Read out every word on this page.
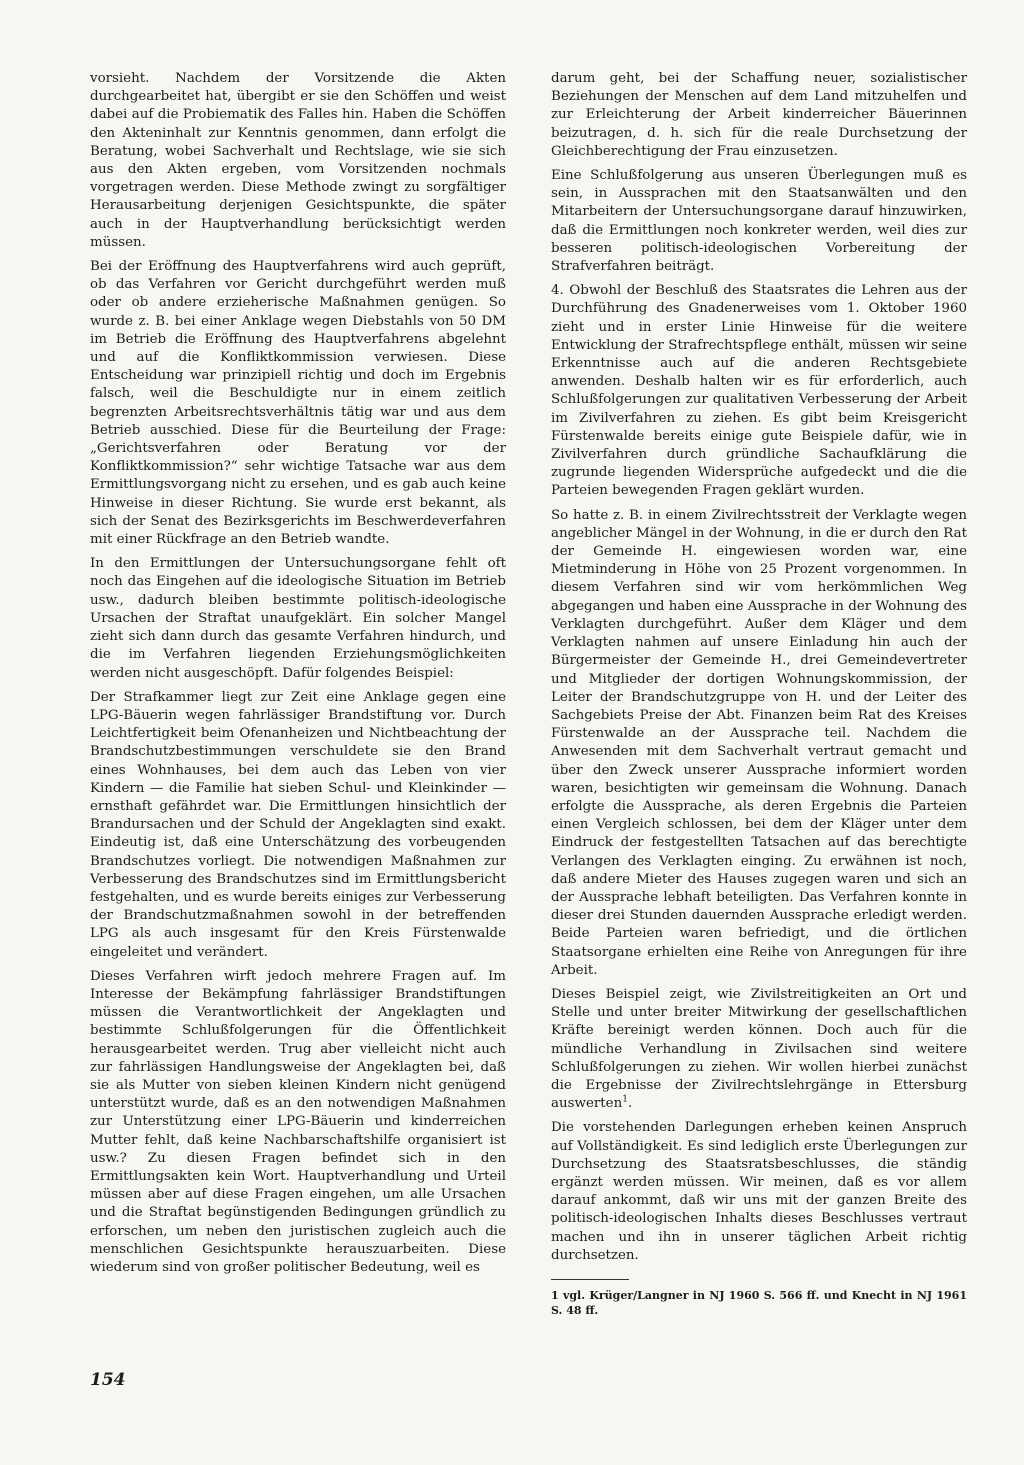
vorsieht. Nachdem der Vorsitzende die Akten durchgearbeitet hat, übergibt er sie den Schöffen und weist dabei auf die Probiematik des Falles hin. Haben die Schöffen den Akteninhalt zur Kenntnis genommen, dann erfolgt die Beratung, wobei Sachverhalt und Rechtslage, wie sie sich aus den Akten ergeben, vom Vorsitzenden nochmals vorgetragen werden. Diese Methode zwingt zu sorgfältiger Herausarbeitung derjenigen Gesichtspunkte, die später auch in der Hauptverhandlung berücksichtigt werden müssen.

Bei der Eröffnung des Hauptverfahrens wird auch geprüft, ob das Verfahren vor Gericht durchgeführt werden muß oder ob andere erzieherische Maßnahmen genügen. So wurde z. B. bei einer Anklage wegen Diebstahls von 50 DM im Betrieb die Eröffnung des Hauptverfahrens abgelehnt und auf die Konfliktkommission verwiesen. Diese Entscheidung war prinzipiell richtig und doch im Ergebnis falsch, weil die Beschuldigte nur in einem zeitlich begrenzten Arbeitsrechtsverhältnis tätig war und aus dem Betrieb ausschied. Diese für die Beurteilung der Frage: „Gerichtsverfahren oder Beratung vor der Konfliktkommission?“ sehr wichtige Tatsache war aus dem Ermittlungsvorgang nicht zu ersehen, und es gab auch keine Hinweise in dieser Richtung. Sie wurde erst bekannt, als sich der Senat des Bezirksgerichts im Beschwerdeverfahren mit einer Rückfrage an den Betrieb wandte.

In den Ermittlungen der Untersuchungsorgane fehlt oft noch das Eingehen auf die ideologische Situation im Betrieb usw., dadurch bleiben bestimmte politisch-ideologische Ursachen der Straftat unaufgeklärt. Ein solcher Mangel zieht sich dann durch das gesamte Verfahren hindurch, und die im Verfahren liegenden Erziehungsmöglichkeiten werden nicht ausgeschöpft. Dafür folgendes Beispiel:

Der Strafkammer liegt zur Zeit eine Anklage gegen eine LPG-Bäuerin wegen fahrlässiger Brandstiftung vor. Durch Leichtfertigkeit beim Ofenanheizen und Nichtbeachtung der Brandschutzbestimmungen verschuldete sie den Brand eines Wohnhauses, bei dem auch das Leben von vier Kindern — die Familie hat sieben Schul- und Kleinkinder — ernsthaft gefährdet war. Die Ermittlungen hinsichtlich der Brandursachen und der Schuld der Angeklagten sind exakt. Eindeutig ist, daß eine Unterschätzung des vorbeugenden Brandschutzes vorliegt. Die notwendigen Maßnahmen zur Verbesserung des Brandschutzes sind im Ermittlungsbericht festgehalten, und es wurde bereits einiges zur Verbesserung der Brandschutzmaßnahmen sowohl in der betreffenden LPG als auch insgesamt für den Kreis Fürstenwalde eingeleitet und verändert.

Dieses Verfahren wirft jedoch mehrere Fragen auf. Im Interesse der Bekämpfung fahrlässiger Brandstiftungen müssen die Verantwortlichkeit der Angeklagten und bestimmte Schlußfolgerungen für die Öffentlichkeit herausgearbeitet werden. Trug aber vielleicht nicht auch zur fahrlässigen Handlungsweise der Angeklagten bei, daß sie als Mutter von sieben kleinen Kindern nicht genügend unterstützt wurde, daß es an den notwendigen Maßnahmen zur Unterstützung einer LPG-Bäuerin und kinderreichen Mutter fehlt, daß keine Nachbarschaftshilfe organisiert ist usw.? Zu diesen Fragen befindet sich in den Ermittlungsakten kein Wort. Hauptverhandlung und Urteil müssen aber auf diese Fragen eingehen, um alle Ursachen und die Straftat begünstigenden Bedingungen gründlich zu erforschen, um neben den juristischen zugleich auch die menschlichen Gesichtspunkte herauszuarbeiten. Diese wiederum sind von großer politischer Bedeutung, weil es

darum geht, bei der Schaffung neuer, sozialistischer Beziehungen der Menschen auf dem Land mitzuhelfen und zur Erleichterung der Arbeit kinderreicher Bäuerinnen beizutragen, d. h. sich für die reale Durchsetzung der Gleichberechtigung der Frau einzusetzen.

Eine Schlußfolgerung aus unseren Überlegungen muß es sein, in Aussprachen mit den Staatsanwälten und den Mitarbeitern der Untersuchungsorgane darauf hinzuwirken, daß die Ermittlungen noch konkreter werden, weil dies zur besseren politisch-ideologischen Vorbereitung der Strafverfahren beiträgt.

4. Obwohl der Beschluß des Staatsrates die Lehren aus der Durchführung des Gnadenerweises vom 1. Oktober 1960 zieht und in erster Linie Hinweise für die weitere Entwicklung der Strafrechtspflege enthält, müssen wir seine Erkenntnisse auch auf die anderen Rechtsgebiete anwenden. Deshalb halten wir es für erforderlich, auch Schlußfolgerungen zur qualitativen Verbesserung der Arbeit im Zivilverfahren zu ziehen. Es gibt beim Kreisgericht Fürstenwalde bereits einige gute Beispiele dafür, wie in Zivilverfahren durch gründliche Sachaufklärung die zugrunde liegenden Widersprüche aufgedeckt und die die Parteien bewegenden Fragen geklärt wurden.

So hatte z. B. in einem Zivilrechtsstreit der Verklagte wegen angeblicher Mängel in der Wohnung, in die er durch den Rat der Gemeinde H. eingewiesen worden war, eine Mietminderung in Höhe von 25 Prozent vorgenommen. In diesem Verfahren sind wir vom herkömmlichen Weg abgegangen und haben eine Aussprache in der Wohnung des Verklagten durchgeführt. Außer dem Kläger und dem Verklagten nahmen auf unsere Einladung hin auch der Bürgermeister der Gemeinde H., drei Gemeindevertreter und Mitglieder der dortigen Wohnungskommission, der Leiter der Brandschutzgruppe von H. und der Leiter des Sachgebiets Preise der Abt. Finanzen beim Rat des Kreises Fürstenwalde an der Aussprache teil. Nachdem die Anwesenden mit dem Sachverhalt vertraut gemacht und über den Zweck unserer Aussprache informiert worden waren, besichtigten wir gemeinsam die Wohnung. Danach erfolgte die Aussprache, als deren Ergebnis die Parteien einen Vergleich schlossen, bei dem der Kläger unter dem Eindruck der festgestellten Tatsachen auf das berechtigte Verlangen des Verklagten einging. Zu erwähnen ist noch, daß andere Mieter des Hauses zugegen waren und sich an der Aussprache lebhaft beteiligten. Das Verfahren konnte in dieser drei Stunden dauernden Aussprache erledigt werden. Beide Parteien waren befriedigt, und die örtlichen Staatsorgane erhielten eine Reihe von Anregungen für ihre Arbeit.

Dieses Beispiel zeigt, wie Zivilstreitigkeiten an Ort und Stelle und unter breiter Mitwirkung der gesellschaftlichen Kräfte bereinigt werden können. Doch auch für die mündliche Verhandlung in Zivilsachen sind weitere Schlußfolgerungen zu ziehen. Wir wollen hierbei zunächst die Ergebnisse der Zivilrechtslehrgänge in Ettersburg auswerten$^1$.

Die vorstehenden Darlegungen erheben keinen Anspruch auf Vollständigkeit. Es sind lediglich erste Überlegungen zur Durchsetzung des Staatsratsbeschlusses, die ständig ergänzt werden müssen. Wir meinen, daß es vor allem darauf ankommt, daß wir uns mit der ganzen Breite des politisch-ideologischen Inhalts dieses Beschlusses vertraut machen und ihn in unserer täglichen Arbeit richtig durchsetzen.

1 vgl. Krüger/Langner in NJ 1960 S. 566 ff. und Knecht in NJ 1961 S. 48 ff.

154
